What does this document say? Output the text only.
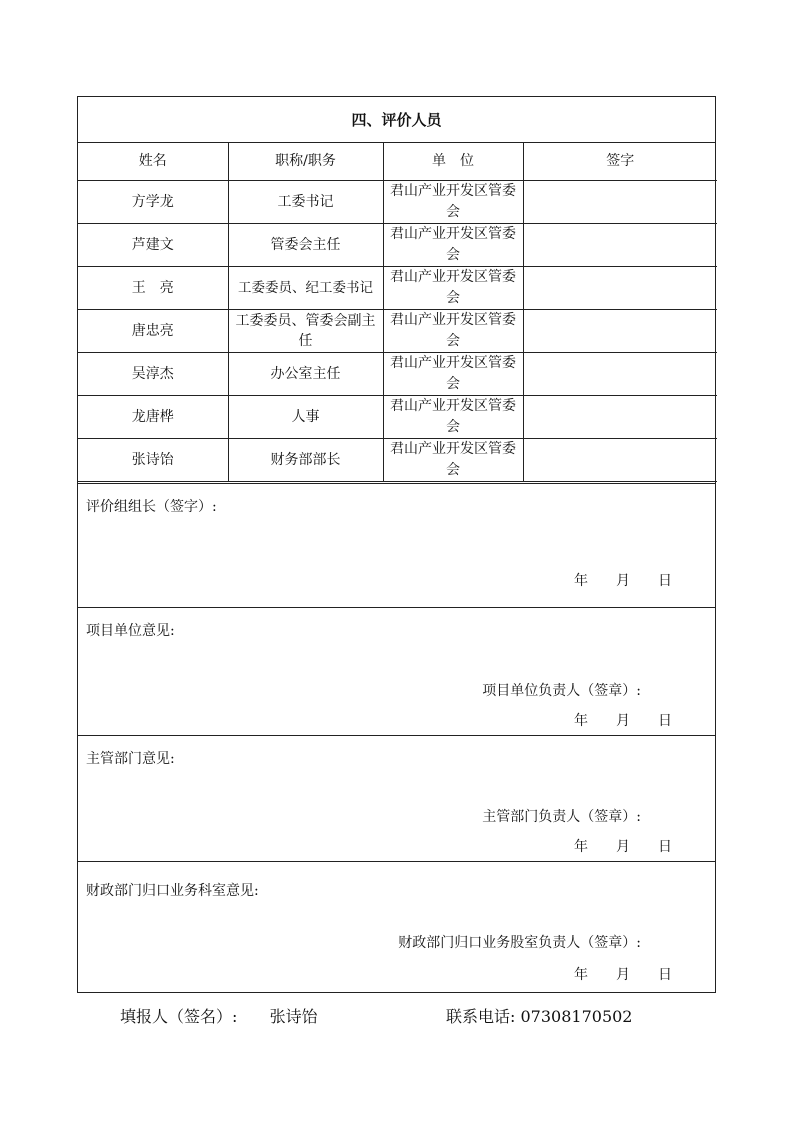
四、评价人员
姓名	职称/职务	单　位	签字
方学龙	工委书记	君山产业开发区管委会	
芦建文	管委会主任	君山产业开发区管委会	
王　亮	工委委员、纪工委书记	君山产业开发区管委会	
唐忠亮	工委委员、管委会副主任	君山产业开发区管委会	
吴淳杰	办公室主任	君山产业开发区管委会	
龙唐桦	人事	君山产业开发区管委会	
张诗饴	财务部部长	君山产业开发区管委会	
评价组组长（签字）:
年 月 日
项目单位意见:
项目单位负责人（签章）:
年 月 日
主管部门意见:
主管部门负责人（签章）:
年 月 日
财政部门归口业务科室意见:
财政部门归口业务股室负责人（签章）:
年 月 日
填报人（签名）: 张诗饴	联系电话: 07308170502
